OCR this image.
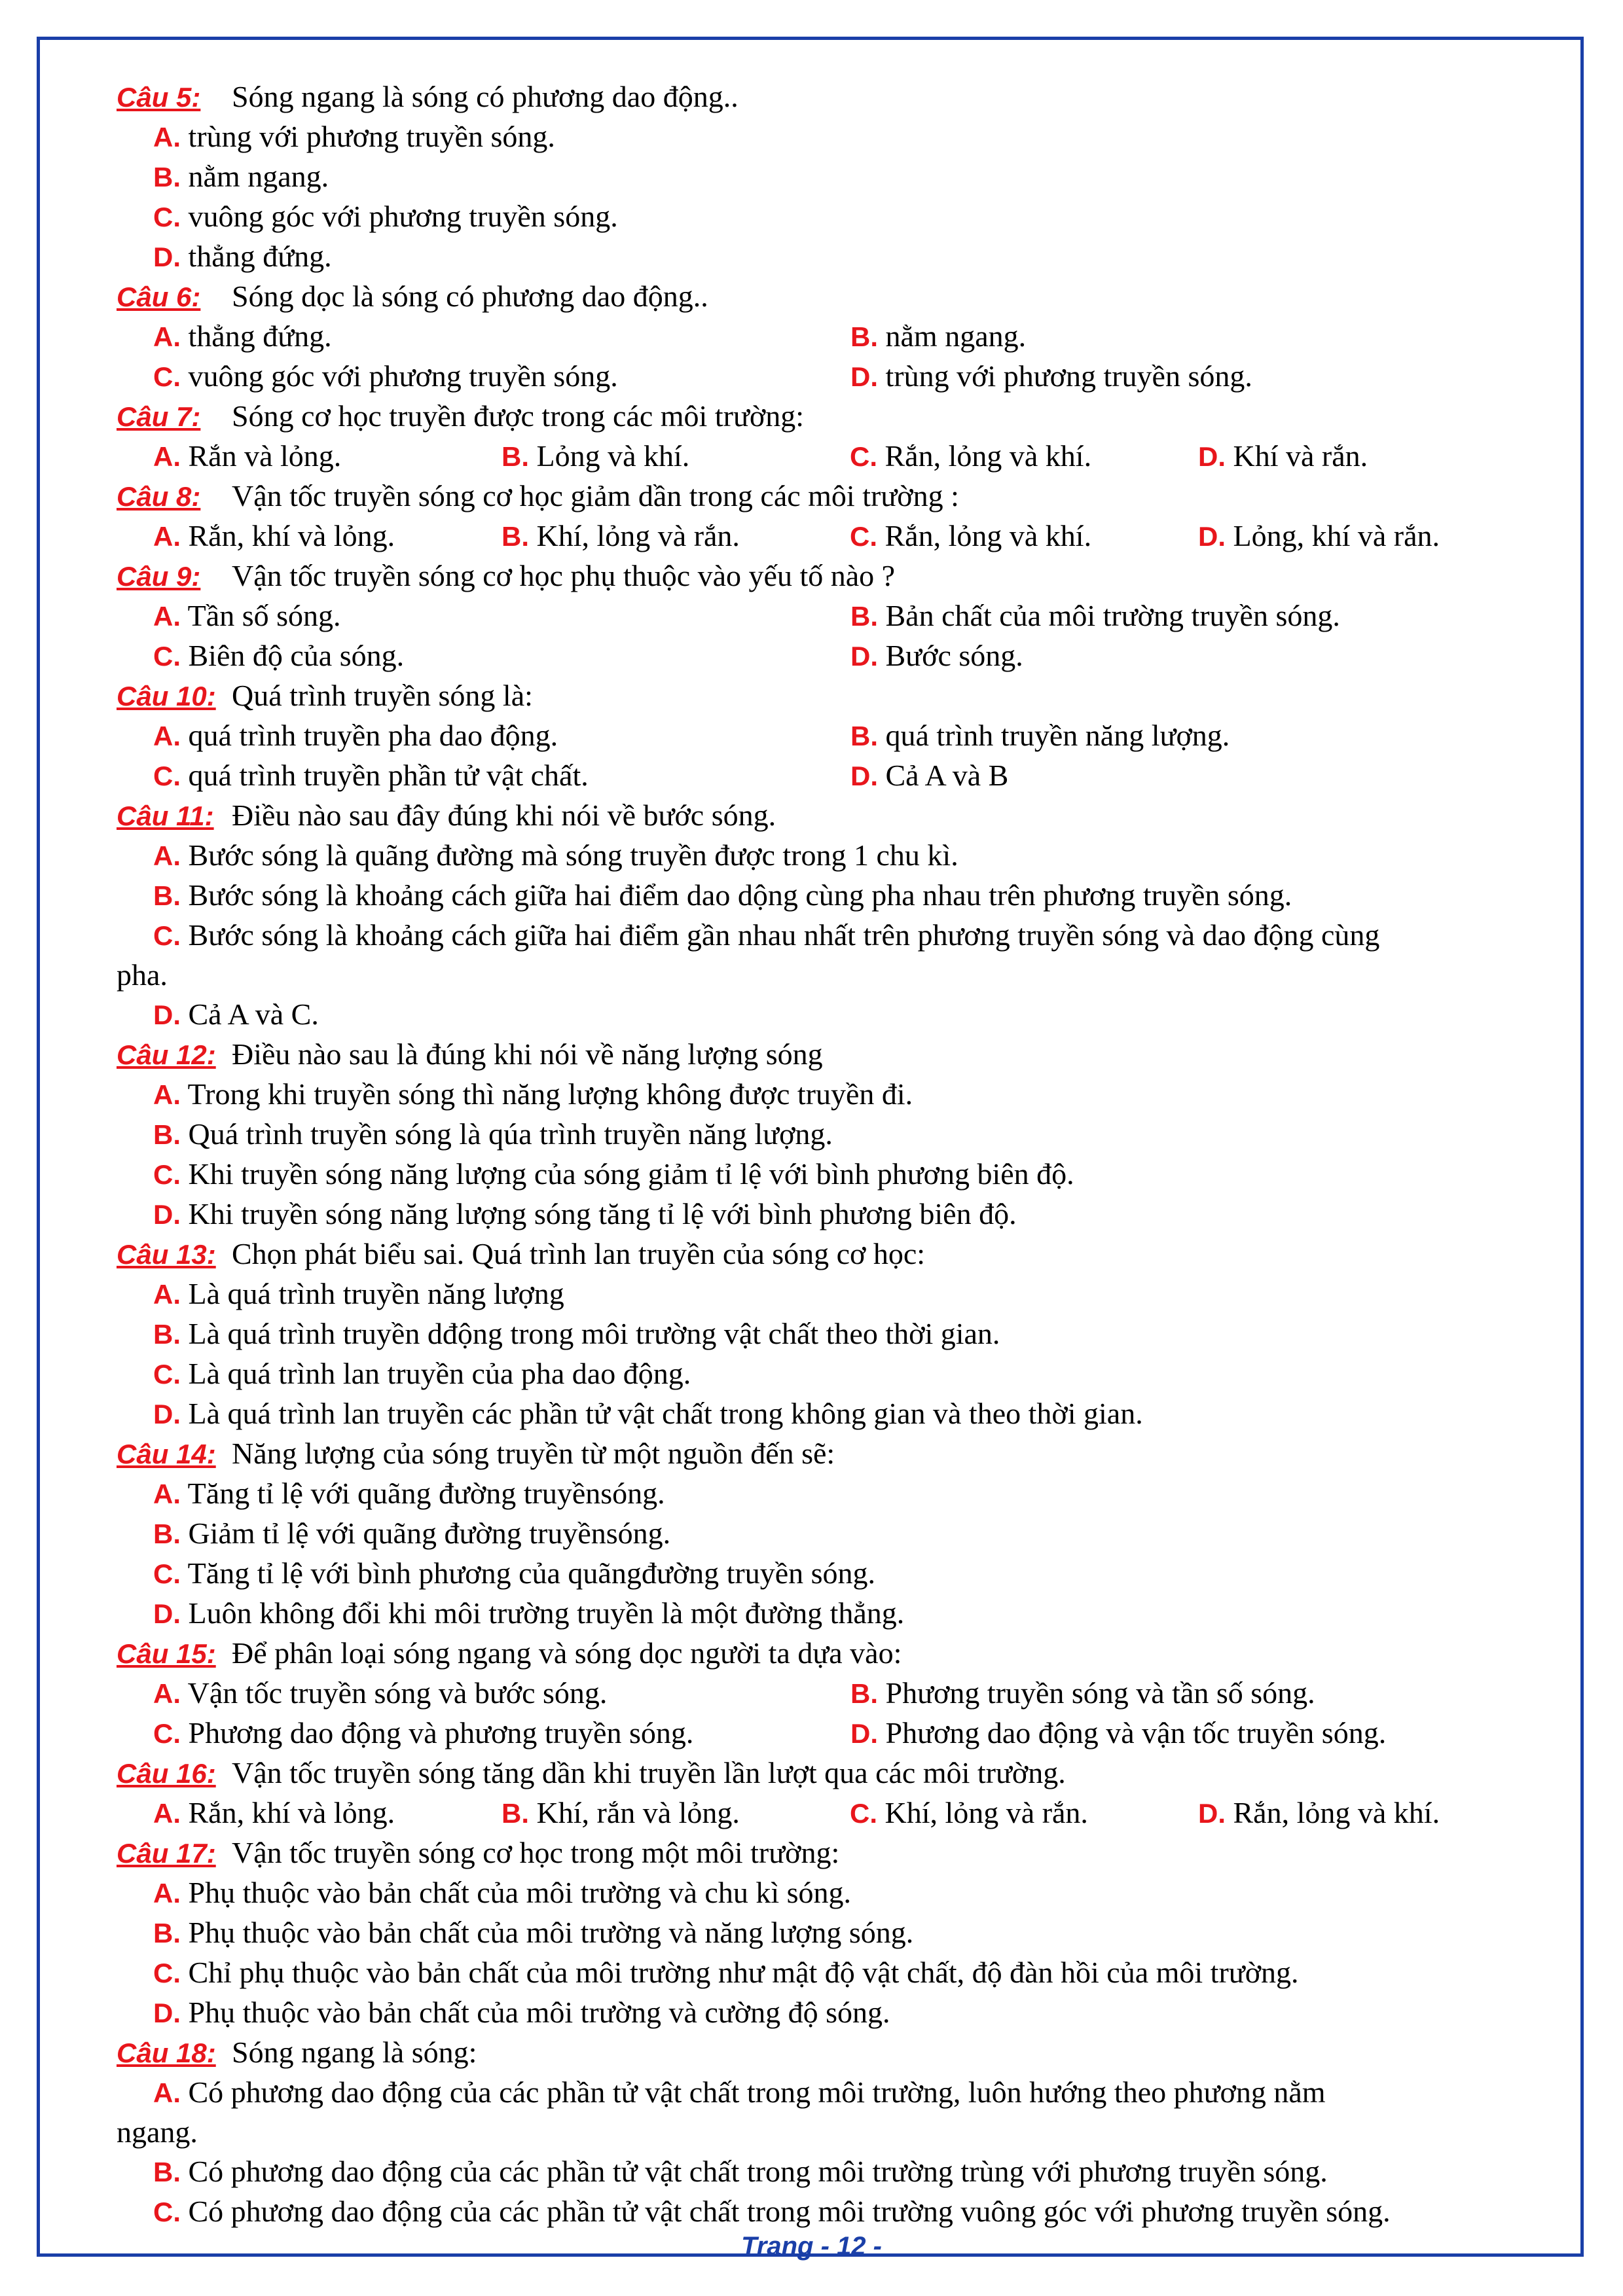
Câu 5: Sóng ngang là sóng có phương dao động..
A. trùng với phương truyền sóng.
B. nằm ngang.
C. vuông góc với phương truyền sóng.
D. thẳng đứng.
Câu 6: Sóng dọc là sóng có phương dao động..
A. thẳng đứng.	B. nằm ngang.
C. vuông góc với phương truyền sóng.	D. trùng với phương truyền sóng.
Câu 7: Sóng cơ học truyền được trong các môi trường:
A. Rắn và lỏng.	B. Lỏng và khí.	C. Rắn, lỏng và khí.	D. Khí và rắn.
Câu 8: Vận tốc truyền sóng cơ học giảm dần trong các môi trường :
A. Rắn, khí và lỏng.	B. Khí, lỏng và rắn.	C. Rắn, lỏng và khí.	D. Lỏng, khí và rắn.
Câu 9: Vận tốc truyền sóng cơ học phụ thuộc vào yếu tố nào ?
A. Tần số sóng.	B. Bản chất của môi trường truyền sóng.
C. Biên độ của sóng.	D. Bước sóng.
Câu 10: Quá trình truyền sóng là:
A. quá trình truyền pha dao động.	B. quá trình truyền năng lượng.
C. quá trình truyền phần tử vật chất.	D. Cả A và B
Câu 11: Điều nào sau đây đúng khi nói về bước sóng.
A. Bước sóng là quãng đường mà sóng truyền được trong 1 chu kì.
B. Bước sóng là khoảng cách giữa hai điểm dao dộng cùng pha nhau trên phương truyền sóng.
C. Bước sóng là khoảng cách giữa hai điểm gần nhau nhất trên phương truyền sóng và dao động cùng
pha.
D. Cả A và C.
Câu 12: Điều nào sau là đúng khi nói về năng lượng sóng
A. Trong khi truyền sóng thì năng lượng không được truyền đi.
B. Quá trình truyền sóng là qúa trình truyền năng lượng.
C. Khi truyền sóng năng lượng của sóng giảm tỉ lệ với bình phương biên độ.
D. Khi truyền sóng năng lượng sóng tăng tỉ lệ với bình phương biên độ.
Câu 13: Chọn phát biểu sai. Quá trình lan truyền của sóng cơ học:
A. Là quá trình truyền năng lượng
B. Là quá trình truyền dđộng trong môi trường vật chất theo thời gian.
C. Là quá trình lan truyền của pha dao động.
D. Là quá trình lan truyền các phần tử vật chất trong không gian và theo thời gian.
Câu 14: Năng lượng của sóng truyền từ một nguồn đến sẽ:
A. Tăng tỉ lệ với quãng đường truyềnsóng.
B. Giảm tỉ lệ với quãng đường truyềnsóng.
C. Tăng tỉ lệ với bình phương của quãngđường truyền sóng.
D. Luôn không đổi khi môi trường truyền là một đường thẳng.
Câu 15: Để phân loại sóng ngang và sóng dọc người ta dựa vào:
A. Vận tốc truyền sóng và bước sóng.	B. Phương truyền sóng và tần số sóng.
C. Phương dao động và phương truyền sóng.	D. Phương dao động và vận tốc truyền sóng.
Câu 16: Vận tốc truyền sóng tăng dần khi truyền lần lượt qua các môi trường.
A. Rắn, khí và lỏng.	B. Khí, rắn và lỏng.	C. Khí, lỏng và rắn.	D. Rắn, lỏng và khí.
Câu 17: Vận tốc truyền sóng cơ học trong một môi trường:
A. Phụ thuộc vào bản chất của môi trường và chu kì sóng.
B. Phụ thuộc vào bản chất của môi trường và năng lượng sóng.
C. Chỉ phụ thuộc vào bản chất của môi trường như mật độ vật chất, độ đàn hồi của môi trường.
D. Phụ thuộc vào bản chất của môi trường và cường độ sóng.
Câu 18: Sóng ngang là sóng:
A. Có phương dao động của các phần tử vật chất trong môi trường, luôn hướng theo phương nằm
ngang.
B. Có phương dao động của các phần tử vật chất trong môi trường trùng với phương truyền sóng.
C. Có phương dao động của các phần tử vật chất trong môi trường vuông góc với phương truyền sóng.
Trang - 12 -
